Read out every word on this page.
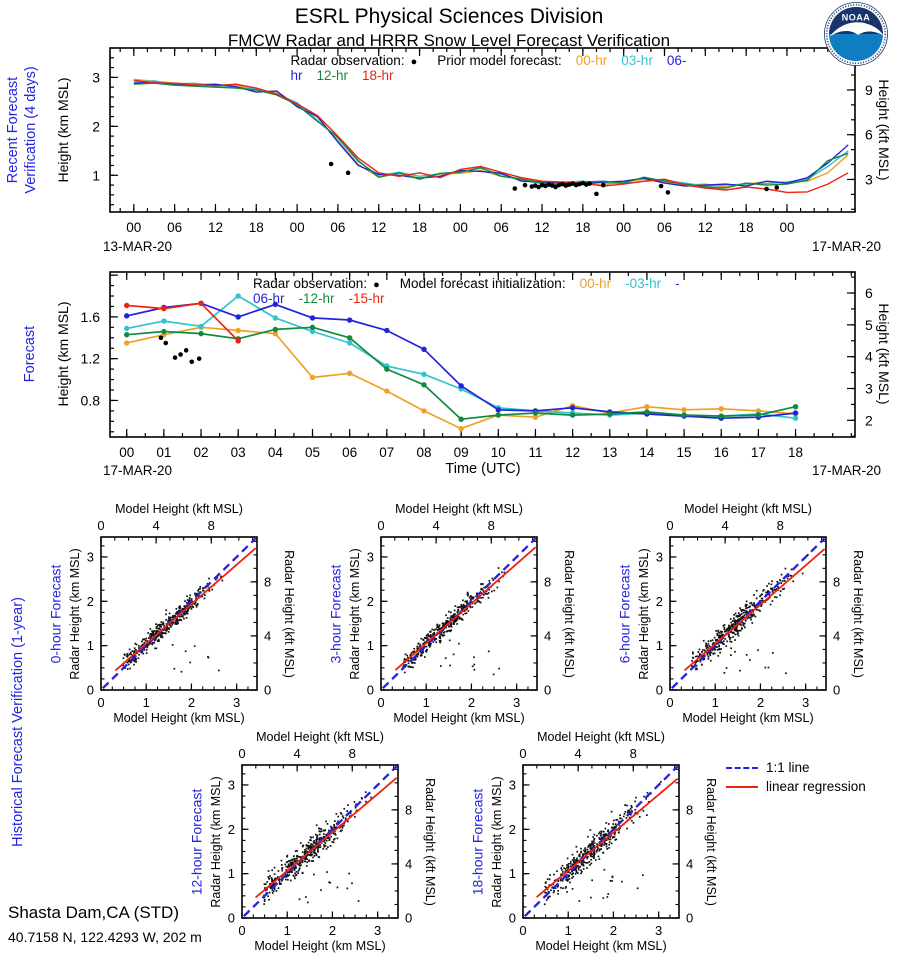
00 06 12 18 00 06 12 18 00 06 12 18 00 06 12 18 00
1
2
3
3
6
9
00 01 02 03 04 05 06 07 08 09 10 11 12 13 14 15 16 17 18
0.8
1.2
1.6
2
3
4
5
6
0	1	2	3
0
1
2
3
0	4	8
0
4
8
0	1	2	3
0
1
2
3
0	4	8
0
4
8
0	1	2	3
0
1
2
3
0	4	8
0
4
8
0	1	2	3
0
1
2
3
0	4	8
0
4
8
0	1	2	3
0
1
2
3
0	4	8
0
4
8
ESRL Physical Sciences Division
FMCW Radar and HRRR Snow Level Forecast Verification
NOAA
Recent Forecast Verification (4 days) Height (km MSL)	Height (kft MSL)
Radar observation: ● Prior model forecast: 00-hr 03-hr 06-hr 12-hr 18-hr
13-MAR-20	17-MAR-20
Forecast Height (km MSL)	Height (kft MSL)
Radar observation: ● Model forecast initialization: 00-hr -03-hr -06-hr -12-hr -15-hr
17-MAR-20	17-MAR-20
Time (UTC)
Historical Forecast Verification (1-year)	1:1 line
linear regression
Shasta Dam,CA (STD)
40.7158 N, 122.4293 W, 202 m
0-hour Forecast Radar Height (km MSL)	Radar Height (kft MSL)
Model Height (kft MSL)
Model Height (km MSL)
3-hour Forecast Radar Height (km MSL)	Radar Height (kft MSL)
Model Height (kft MSL)
Model Height (km MSL)
6-hour Forecast Radar Height (km MSL)	Radar Height (kft MSL)
Model Height (kft MSL)
Model Height (km MSL)
12-hour Forecast Radar Height (km MSL)	Radar Height (kft MSL)
Model Height (kft MSL)
Model Height (km MSL)
18-hour Forecast Radar Height (km MSL)	Radar Height (kft MSL)
Model Height (kft MSL)
Model Height (km MSL)
